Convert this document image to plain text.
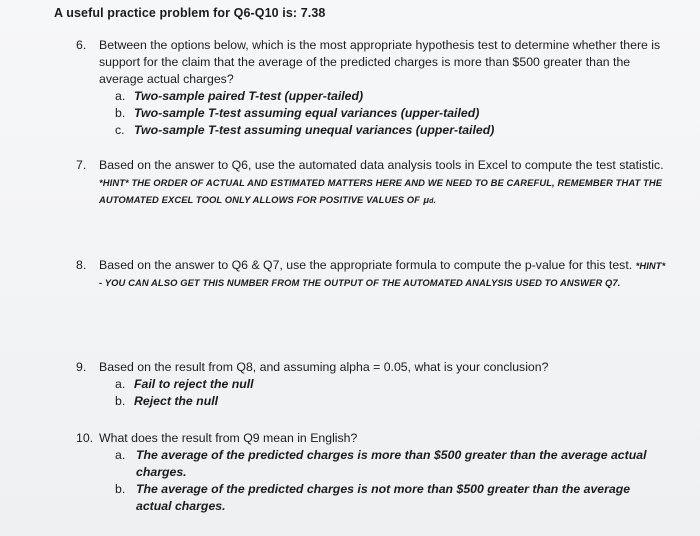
A useful practice problem for Q6-Q10 is: 7.38
6. Between the options below, which is the most appropriate hypothesis test to determine whether there is support for the claim that the average of the predicted charges is more than $500 greater than the average actual charges?
a. Two-sample paired T-test (upper-tailed)
b. Two-sample T-test assuming equal variances (upper-tailed)
c. Two-sample T-test assuming unequal variances (upper-tailed)
7. Based on the answer to Q6, use the automated data analysis tools in Excel to compute the test statistic. *HINT* THE ORDER OF ACTUAL AND ESTIMATED MATTERS HERE AND WE NEED TO BE CAREFUL, REMEMBER THAT THE AUTOMATED EXCEL TOOL ONLY ALLOWS FOR POSITIVE VALUES OF μd.
8. Based on the answer to Q6 & Q7, use the appropriate formula to compute the p-value for this test. *HINT* - YOU CAN ALSO GET THIS NUMBER FROM THE OUTPUT OF THE AUTOMATED ANALYSIS USED TO ANSWER Q7.
9. Based on the result from Q8, and assuming alpha = 0.05, what is your conclusion?
a. Fail to reject the null
b. Reject the null
10. What does the result from Q9 mean in English?
a. The average of the predicted charges is more than $500 greater than the average actual charges.
b. The average of the predicted charges is not more than $500 greater than the average actual charges.
